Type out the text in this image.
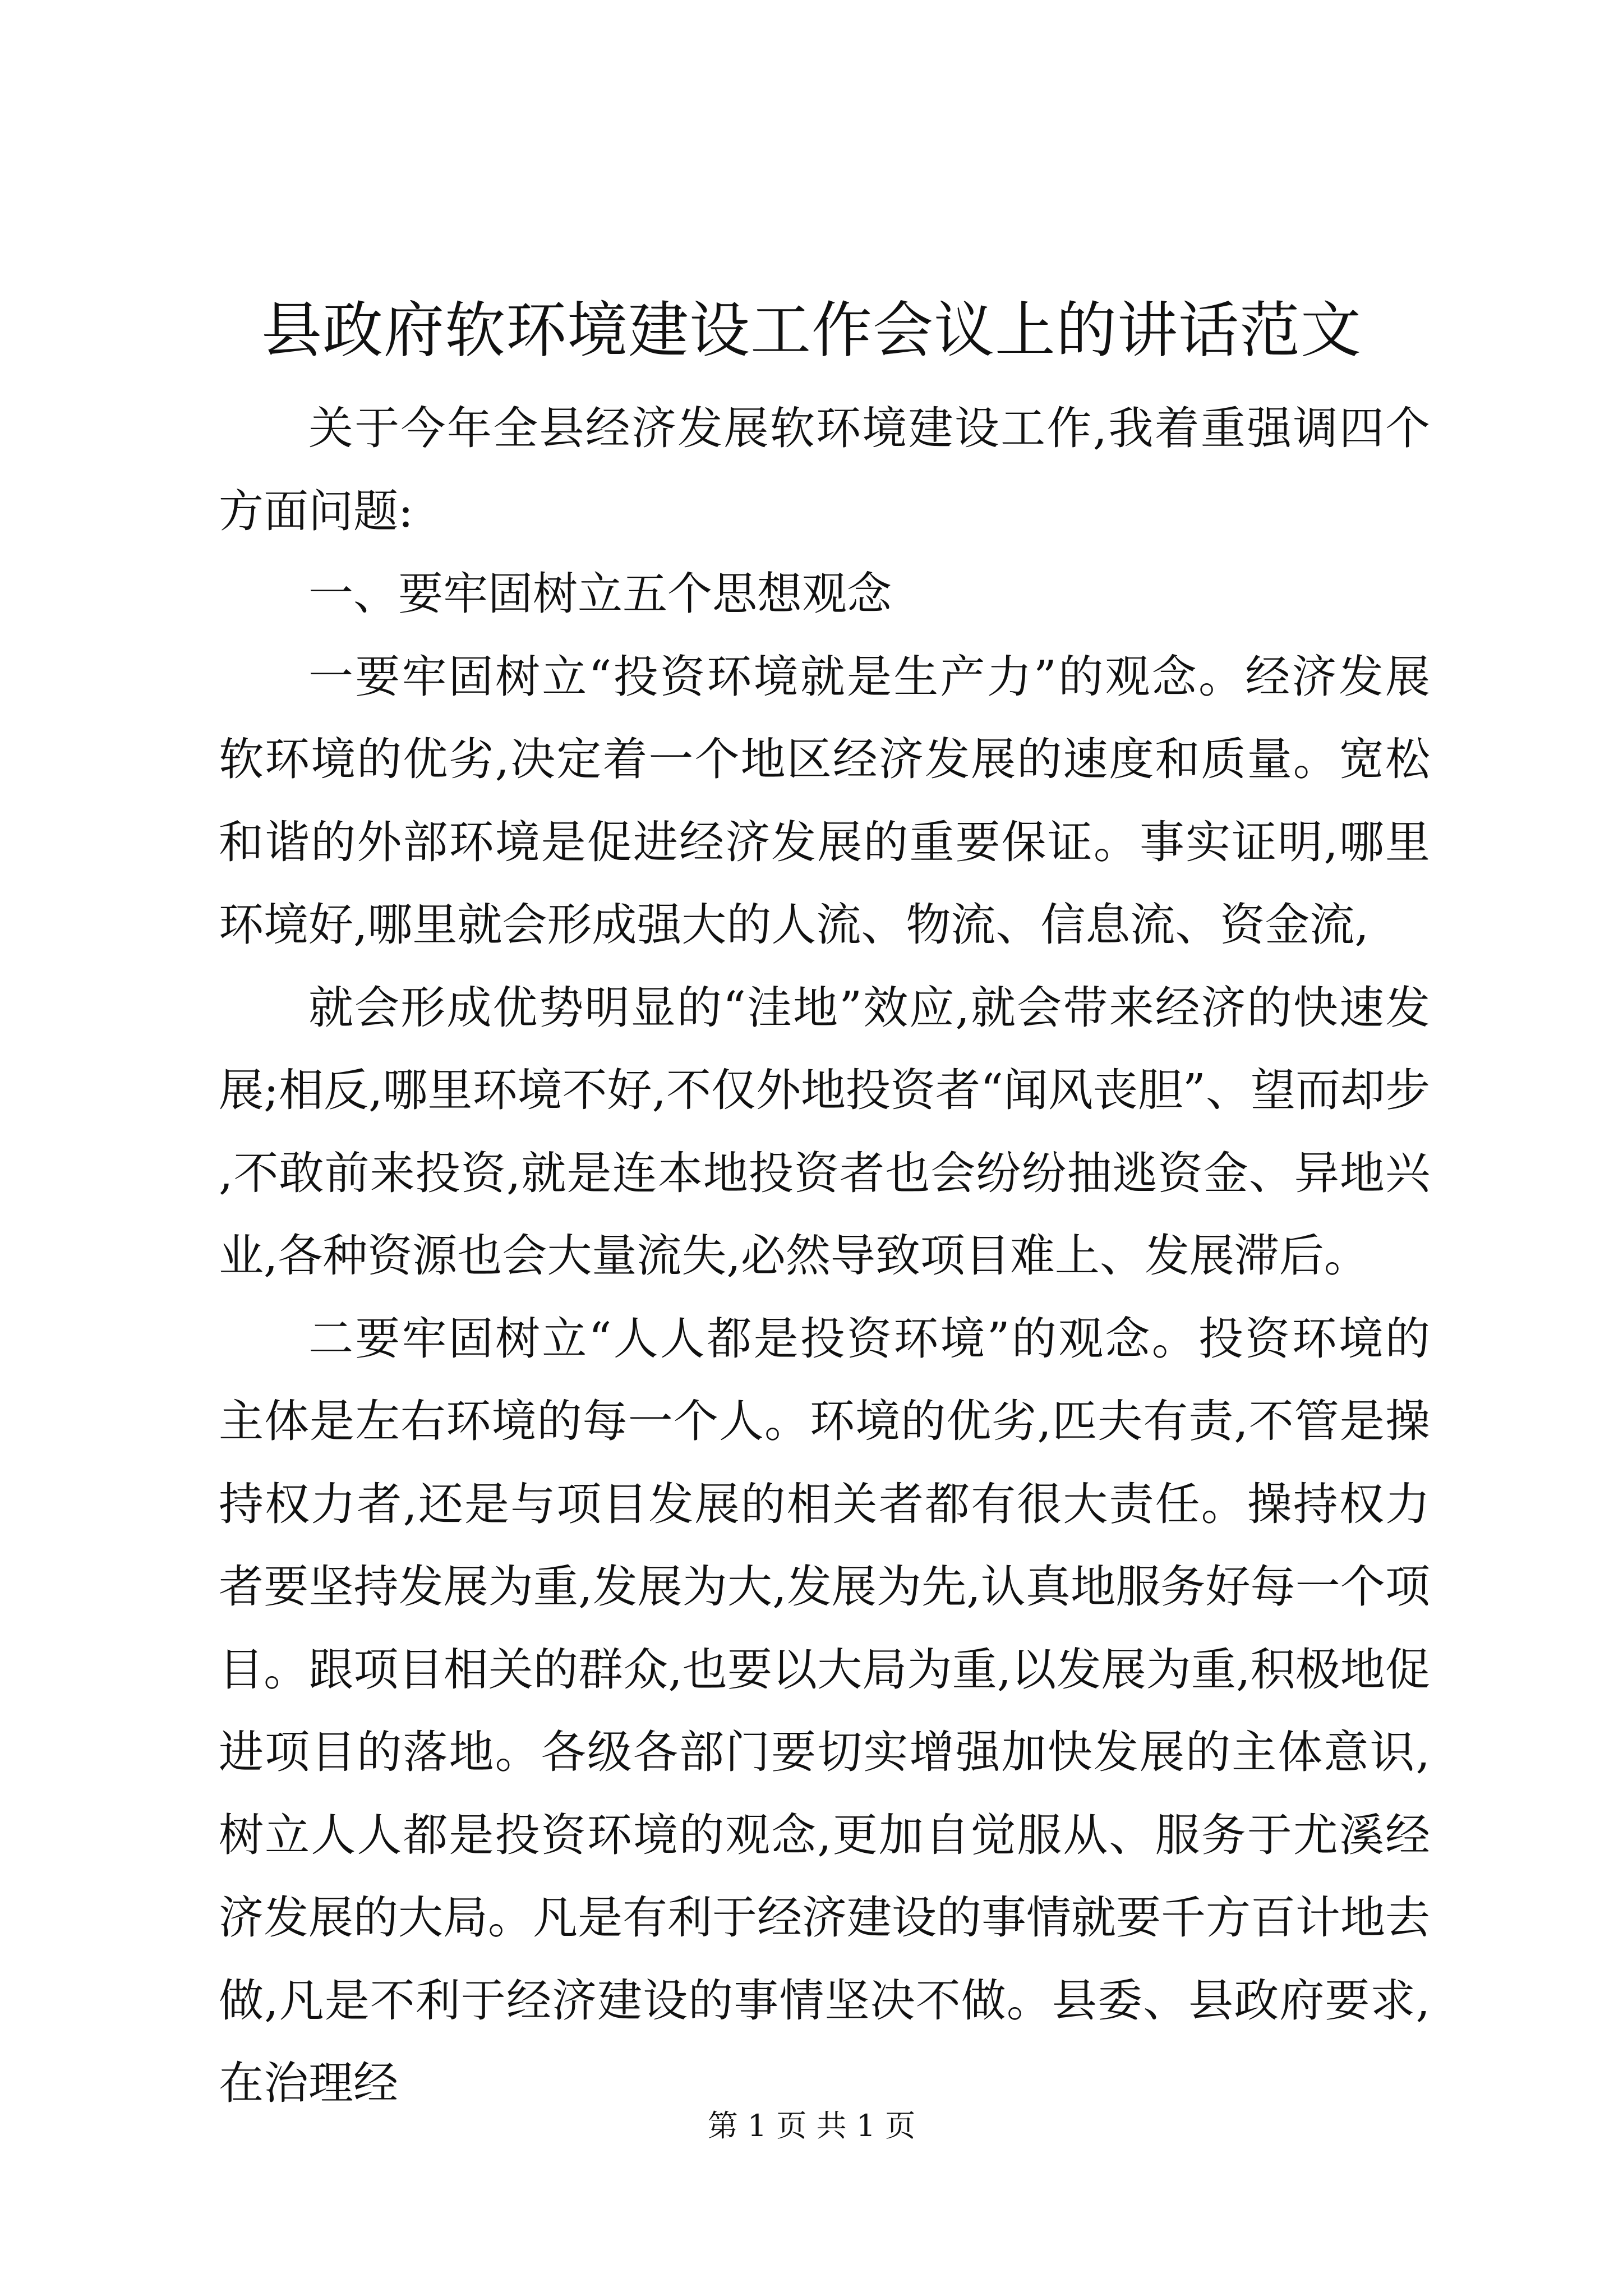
县政府软环境建设工作会议上的讲话范文

关于今年全县经济发展软环境建设工作,我着重强调四个方面问题:

一、要牢固树立五个思想观念

一要牢固树立“投资环境就是生产力”的观念。经济发展软环境的优劣,决定着一个地区经济发展的速度和质量。宽松和谐的外部环境是促进经济发展的重要保证。事实证明,哪里环境好,哪里就会形成强大的人流、物流、信息流、资金流,

就会形成优势明显的“洼地”效应,就会带来经济的快速发展;相反,哪里环境不好,不仅外地投资者“闻风丧胆”、望而却步,不敢前来投资,就是连本地投资者也会纷纷抽逃资金、异地兴业,各种资源也会大量流失,必然导致项目难上、发展滞后。

二要牢固树立“人人都是投资环境”的观念。投资环境的主体是左右环境的每一个人。环境的优劣,匹夫有责,不管是操持权力者,还是与项目发展的相关者都有很大责任。操持权力者要坚持发展为重,发展为大,发展为先,认真地服务好每一个项目。跟项目相关的群众,也要以大局为重,以发展为重,积极地促进项目的落地。各级各部门要切实增强加快发展的主体意识,树立人人都是投资环境的观念,更加自觉服从、服务于尤溪经济发展的大局。凡是有利于经济建设的事情就要千方百计地去做,凡是不利于经济建设的事情坚决不做。县委、县政府要求,在治理经

第 1 页 共 1 页
